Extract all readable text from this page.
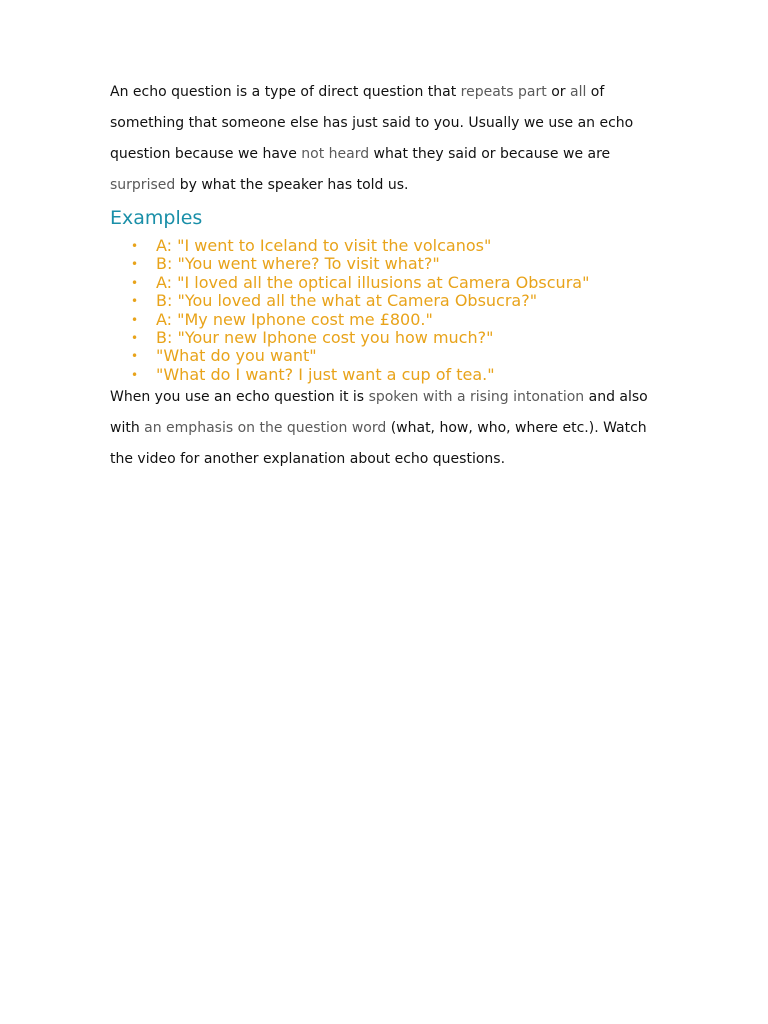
An echo question is a type of direct question that repeats part or all of something that someone else has just said to you. Usually we use an echo question because we have not heard what they said or because we are surprised by what the speaker has told us.

Examples
• A: "I went to Iceland to visit the volcanos"
• B: "You went where? To visit what?"
• A: "I loved all the optical illusions at Camera Obscura"
• B: "You loved all the what at Camera Obsucra?"
• A: "My new Iphone cost me £800."
• B: "Your new Iphone cost you how much?"
• "What do you want"
• "What do I want? I just want a cup of tea."

When you use an echo question it is spoken with a rising intonation and also with an emphasis on the question word (what, how, who, where etc.). Watch the video for another explanation about echo questions.
